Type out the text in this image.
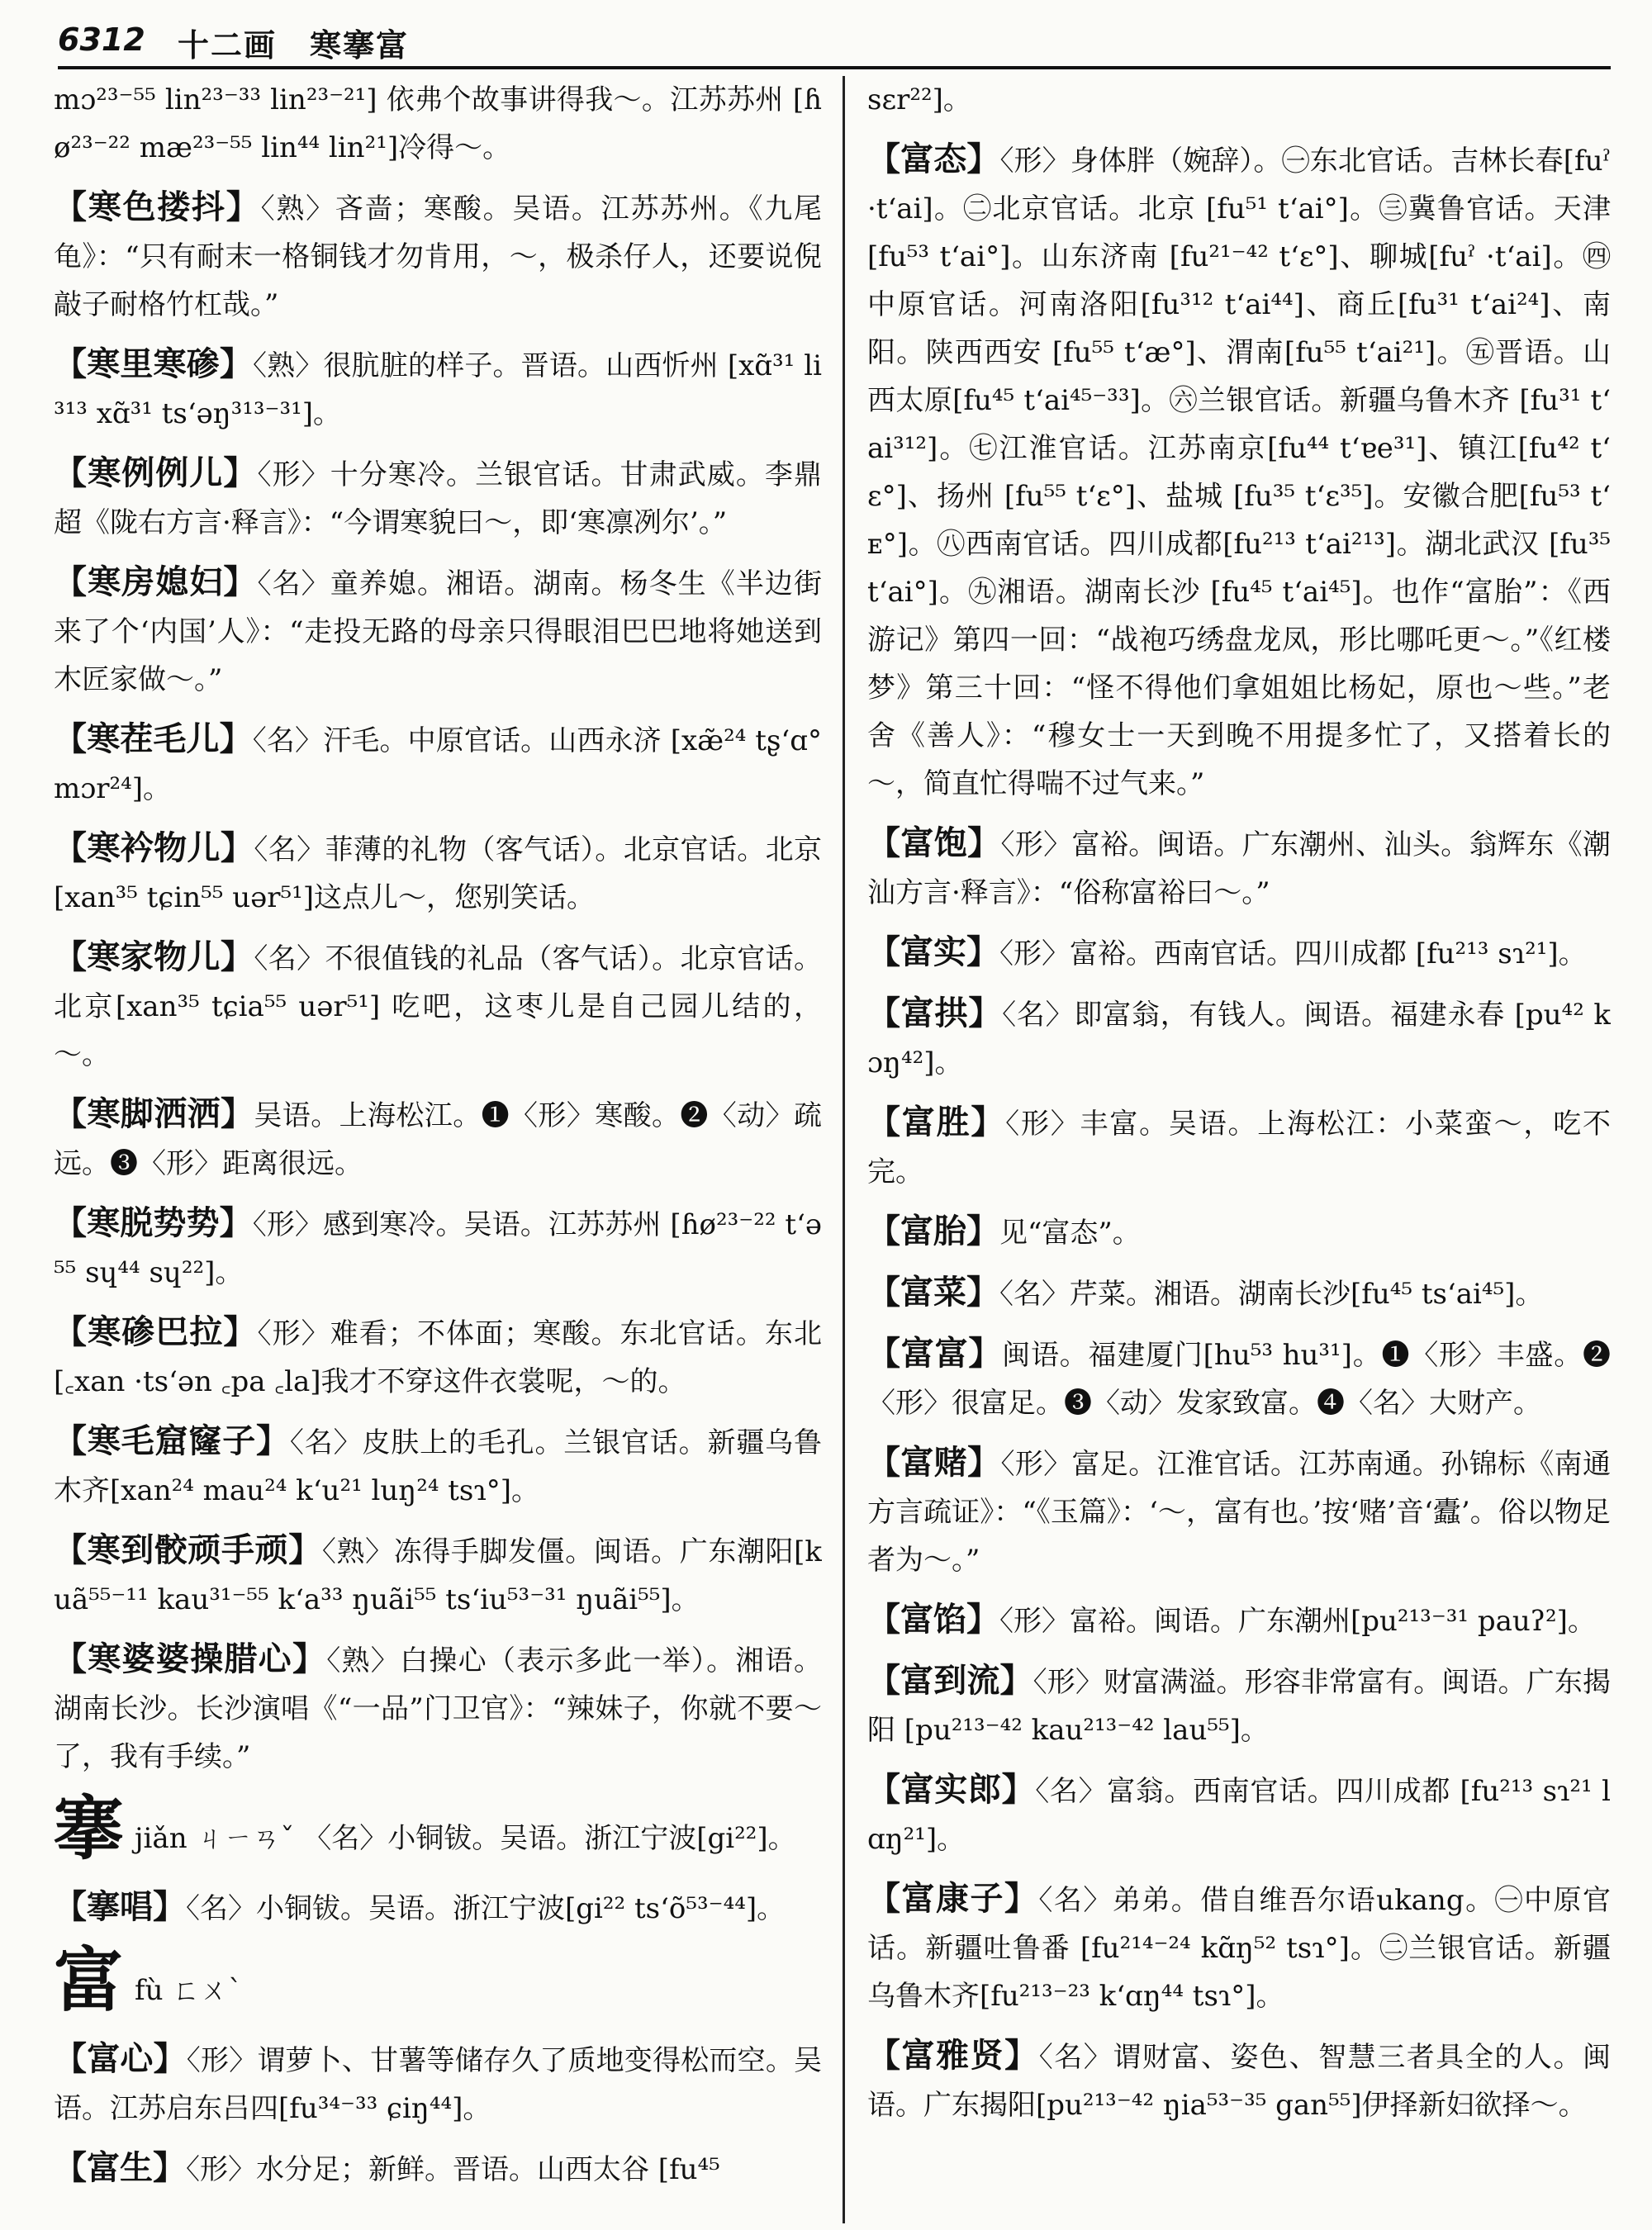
6312 十二画　寒搴富
mɔ²³⁻⁵⁵ lin²³⁻³³ lin²³⁻²¹] 依弗个故事讲得我～。江苏苏州 [ɦø²³⁻²² mæ²³⁻⁵⁵ lin⁴⁴ lin²¹]冷得～。
【寒色搂抖】〈熟〉吝啬；寒酸。吴语。江苏苏州。《九尾龟》：“只有耐末一格铜钱才勿肯用，～，极杀仔人，还要说倪敲子耐格竹杠哉。”
【寒里寒碜】〈熟〉很肮脏的样子。晋语。山西忻州 [xɑ̃³¹ li³¹³ xɑ̃³¹ tsʻəŋ³¹³⁻³¹]。
【寒例例儿】〈形〉十分寒冷。兰银官话。甘肃武威。李鼎超《陇右方言·释言》：“今谓寒貌曰～，即‘寒凛冽尔’。”
【寒房媳妇】〈名〉童养媳。湘语。湖南。杨冬生《半边街来了个‘内国’人》：“走投无路的母亲只得眼泪巴巴地将她送到木匠家做～。”
【寒茬毛儿】〈名〉汗毛。中原官话。山西永济 [xæ̃²⁴ tʂʻɑ° mɔr²⁴]。
【寒衿物儿】〈名〉菲薄的礼物（客气话）。北京官话。北京[xan³⁵ tɕin⁵⁵ uər⁵¹]这点儿～，您别笑话。
【寒家物儿】〈名〉不很值钱的礼品（客气话）。北京官话。北京[xan³⁵ tɕia⁵⁵ uər⁵¹] 吃吧，这枣儿是自己园儿结的，～。
【寒脚洒洒】吴语。上海松江。❶〈形〉寒酸。❷〈动〉疏远。❸〈形〉距离很远。
【寒脱势势】〈形〉感到寒冷。吴语。江苏苏州 [ɦø²³⁻²² tʻə⁵⁵ sɥ⁴⁴ sɥ²²]。
【寒碜巴拉】〈形〉难看；不体面；寒酸。东北官话。东北 [꜀xan ·tsʻən ꜀pa ꜀la]我才不穿这件衣裳呢，～的。
【寒毛窟窿子】〈名〉皮肤上的毛孔。兰银官话。新疆乌鲁木齐[xan²⁴ mau²⁴ kʻu²¹ luŋ²⁴ tsɿ°]。
【寒到骹顽手顽】〈熟〉冻得手脚发僵。闽语。广东潮阳[kuã⁵⁵⁻¹¹ kau³¹⁻⁵⁵ kʻa³³ ŋuãi⁵⁵ tsʻiu⁵³⁻³¹ ŋuãi⁵⁵]。
【寒婆婆操腊心】〈熟〉白操心（表示多此一举）。湘语。湖南长沙。长沙演唱《“一品”门卫官》：“辣妹子，你就不要～了，我有手续。”
搴jiǎn ㄐㄧㄢˇ 〈名〉小铜钹。吴语。浙江宁波[gi²²]。
【搴唱】〈名〉小铜钹。吴语。浙江宁波[gi²² tsʻõ⁵³⁻⁴⁴]。
富fù ㄈㄨˋ
【富心】〈形〉谓萝卜、甘薯等储存久了质地变得松而空。吴语。江苏启东吕四[fu³⁴⁻³³ ɕiŋ⁴⁴]。
【富生】〈形〉水分足；新鲜。晋语。山西太谷 [fu⁴⁵
sɛr²²]。
【富态】〈形〉身体胖（婉辞）。㊀东北官话。吉林长春[fuˀ ·tʻai]。㊁北京官话。北京 [fu⁵¹ tʻai°]。㊂冀鲁官话。天津[fu⁵³ tʻai°]。山东济南 [fu²¹⁻⁴² tʻɛ°]、聊城[fuˀ ·tʻai]。㊃中原官话。河南洛阳[fu³¹² tʻai⁴⁴]、商丘[fu³¹ tʻai²⁴]、南阳。陕西西安 [fu⁵⁵ tʻæ°]、渭南[fu⁵⁵ tʻai²¹]。㊄晋语。山西太原[fu⁴⁵ tʻai⁴⁵⁻³³]。㊅兰银官话。新疆乌鲁木齐 [fu³¹ tʻai³¹²]。㊆江淮官话。江苏南京[fu⁴⁴ tʻɐe³¹]、镇江[fu⁴² tʻɛ°]、扬州 [fu⁵⁵ tʻɛ°]、盐城 [fu³⁵ tʻɛ³⁵]。安徽合肥[fu⁵³ tʻᴇ°]。㊇西南官话。四川成都[fu²¹³ tʻai²¹³]。湖北武汉 [fu³⁵ tʻai°]。㊈湘语。湖南长沙 [fu⁴⁵ tʻai⁴⁵]。也作“富胎”：《西游记》第四一回：“战袍巧绣盘龙凤，形比哪吒更～。”《红楼梦》第三十回：“怪不得他们拿姐姐比杨妃，原也～些。”老舍《善人》：“穆女士一天到晚不用提多忙了，又搭着长的～，简直忙得喘不过气来。”
【富饱】〈形〉富裕。闽语。广东潮州、汕头。翁辉东《潮汕方言·释言》：“俗称富裕曰～。”
【富实】〈形〉富裕。西南官话。四川成都 [fu²¹³ sɿ²¹]。
【富拱】〈名〉即富翁，有钱人。闽语。福建永春 [pu⁴² kɔŋ⁴²]。
【富胜】〈形〉丰富。吴语。上海松江：小菜蛮～，吃不完。
【富胎】见“富态”。
【富菜】〈名〉芹菜。湘语。湖南长沙[fu⁴⁵ tsʻai⁴⁵]。
【富富】闽语。福建厦门[hu⁵³ hu³¹]。❶〈形〉丰盛。❷〈形〉很富足。❸〈动〉发家致富。❹〈名〉大财产。
【富赌】〈形〉富足。江淮官话。江苏南通。孙锦标《南通方言疏证》：“《玉篇》：‘～，富有也。’按‘赌’音‘蠹’。俗以物足者为～。”
【富馅】〈形〉富裕。闽语。广东潮州[pu²¹³⁻³¹ pauʔ²]。
【富到流】〈形〉财富满溢。形容非常富有。闽语。广东揭阳 [pu²¹³⁻⁴² kau²¹³⁻⁴² lau⁵⁵]。
【富实郎】〈名〉富翁。西南官话。四川成都 [fu²¹³ sɿ²¹ lɑŋ²¹]。
【富康子】〈名〉弟弟。借自维吾尔语ukang。㊀中原官话。新疆吐鲁番 [fu²¹⁴⁻²⁴ kɑ̃ŋ⁵² tsɿ°]。㊁兰银官话。新疆乌鲁木齐[fu²¹³⁻²³ kʻɑŋ⁴⁴ tsɿ°]。
【富雅贤】〈名〉谓财富、姿色、智慧三者具全的人。闽语。广东揭阳[pu²¹³⁻⁴² ŋia⁵³⁻³⁵ gan⁵⁵]伊择新妇欲择～。
